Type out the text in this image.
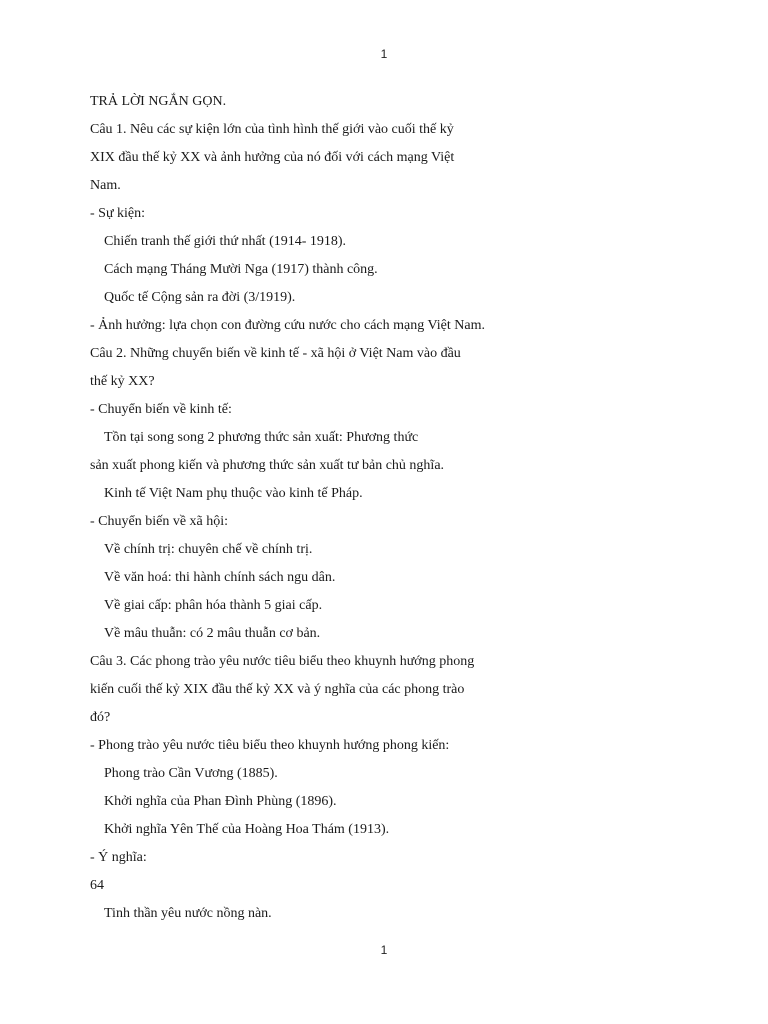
1
TRẢ LỜI NGẮN GỌN.
Câu 1. Nêu các sự kiện lớn của tình hình thế giới vào cuối thế kỷ
XIX đầu thế kỷ XX và ảnh hưởng của nó đối với cách mạng Việt
Nam.
- Sự kiện:
Chiến tranh thế giới thứ nhất (1914- 1918).
Cách mạng Tháng Mười Nga (1917) thành công.
Quốc tế Cộng sản ra đời (3/1919).
- Ảnh hưởng: lựa chọn con đường cứu nước cho cách mạng Việt Nam.
Câu 2. Những chuyển biến về kinh tế - xã hội ở Việt Nam vào đầu
thế kỷ XX?
- Chuyển biến về kinh tế:
Tồn tại song song 2 phương thức sản xuất: Phương thức
sản xuất phong kiến và phương thức sản xuất tư bản chủ nghĩa.
Kinh tế Việt Nam phụ thuộc vào kinh tế Pháp.
- Chuyển biến về xã hội:
Về chính trị: chuyên chế về chính trị.
Về văn hoá: thi hành chính sách ngu dân.
Về giai cấp: phân hóa thành 5 giai cấp.
Về mâu thuẫn: có 2 mâu thuẫn cơ bản.
Câu 3. Các phong trào yêu nước tiêu biểu theo khuynh hướng phong
kiến cuối thế kỷ XIX đầu thế kỷ XX và ý nghĩa của các phong trào
đó?
- Phong trào yêu nước tiêu biểu theo khuynh hướng phong kiến:
Phong trào Cần Vương (1885).
Khởi nghĩa của Phan Đình Phùng (1896).
Khởi nghĩa Yên Thế của Hoàng Hoa Thám (1913).
- Ý nghĩa:
64
Tinh thần yêu nước nồng nàn.
1
